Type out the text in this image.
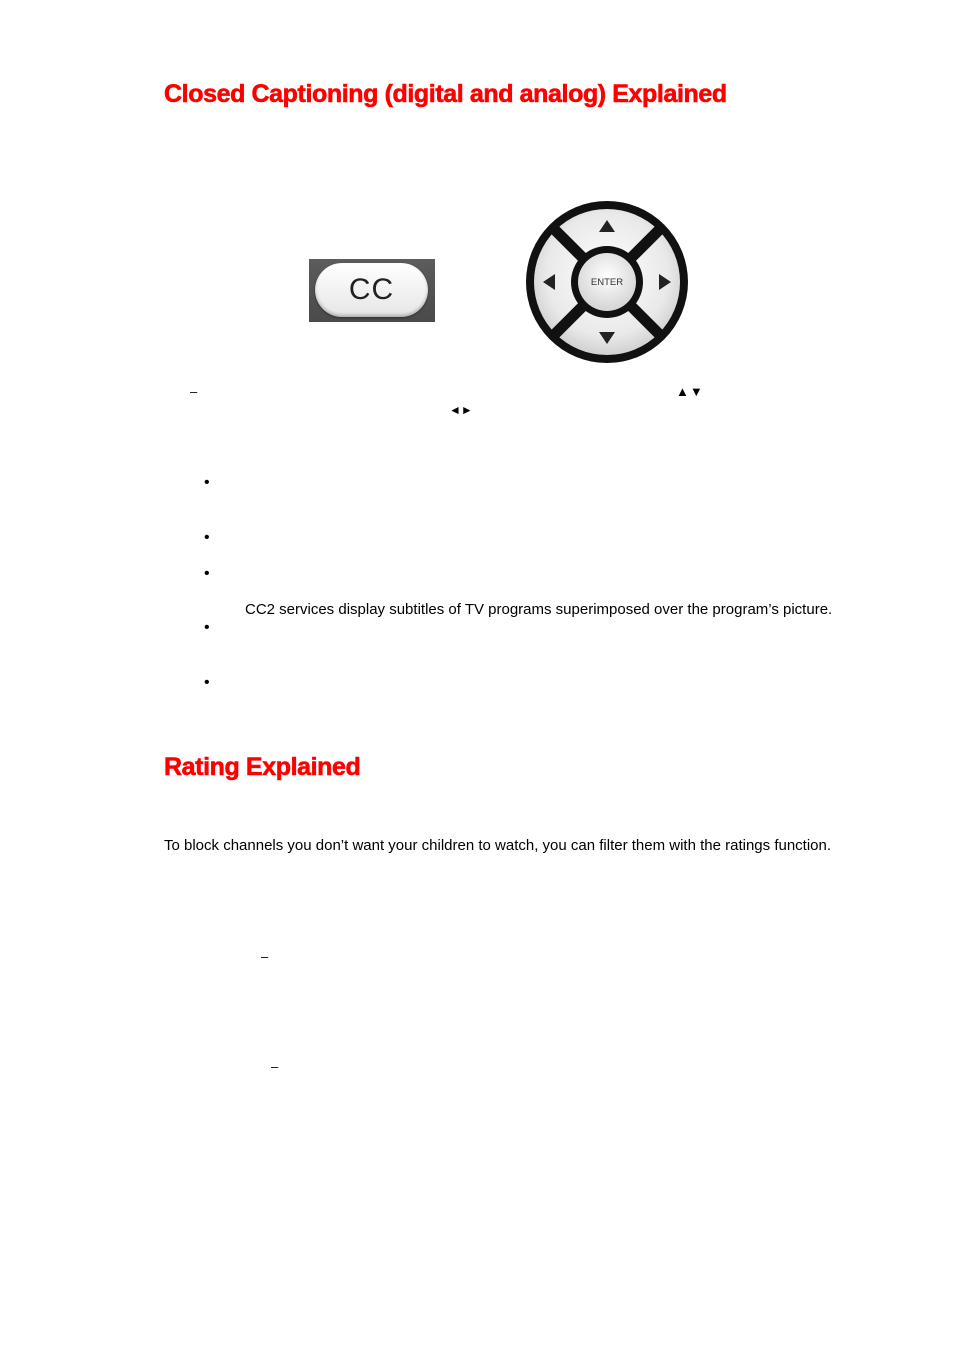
Closed Captioning (digital and analog) Explained
CC	ENTER
–	▲▼
◄►
•
•
•
CC2 services display subtitles of TV programs superimposed over the program’s picture.
•
•
Rating Explained
To block channels you don’t want your children to watch, you can filter them with the ratings function.
–
–
